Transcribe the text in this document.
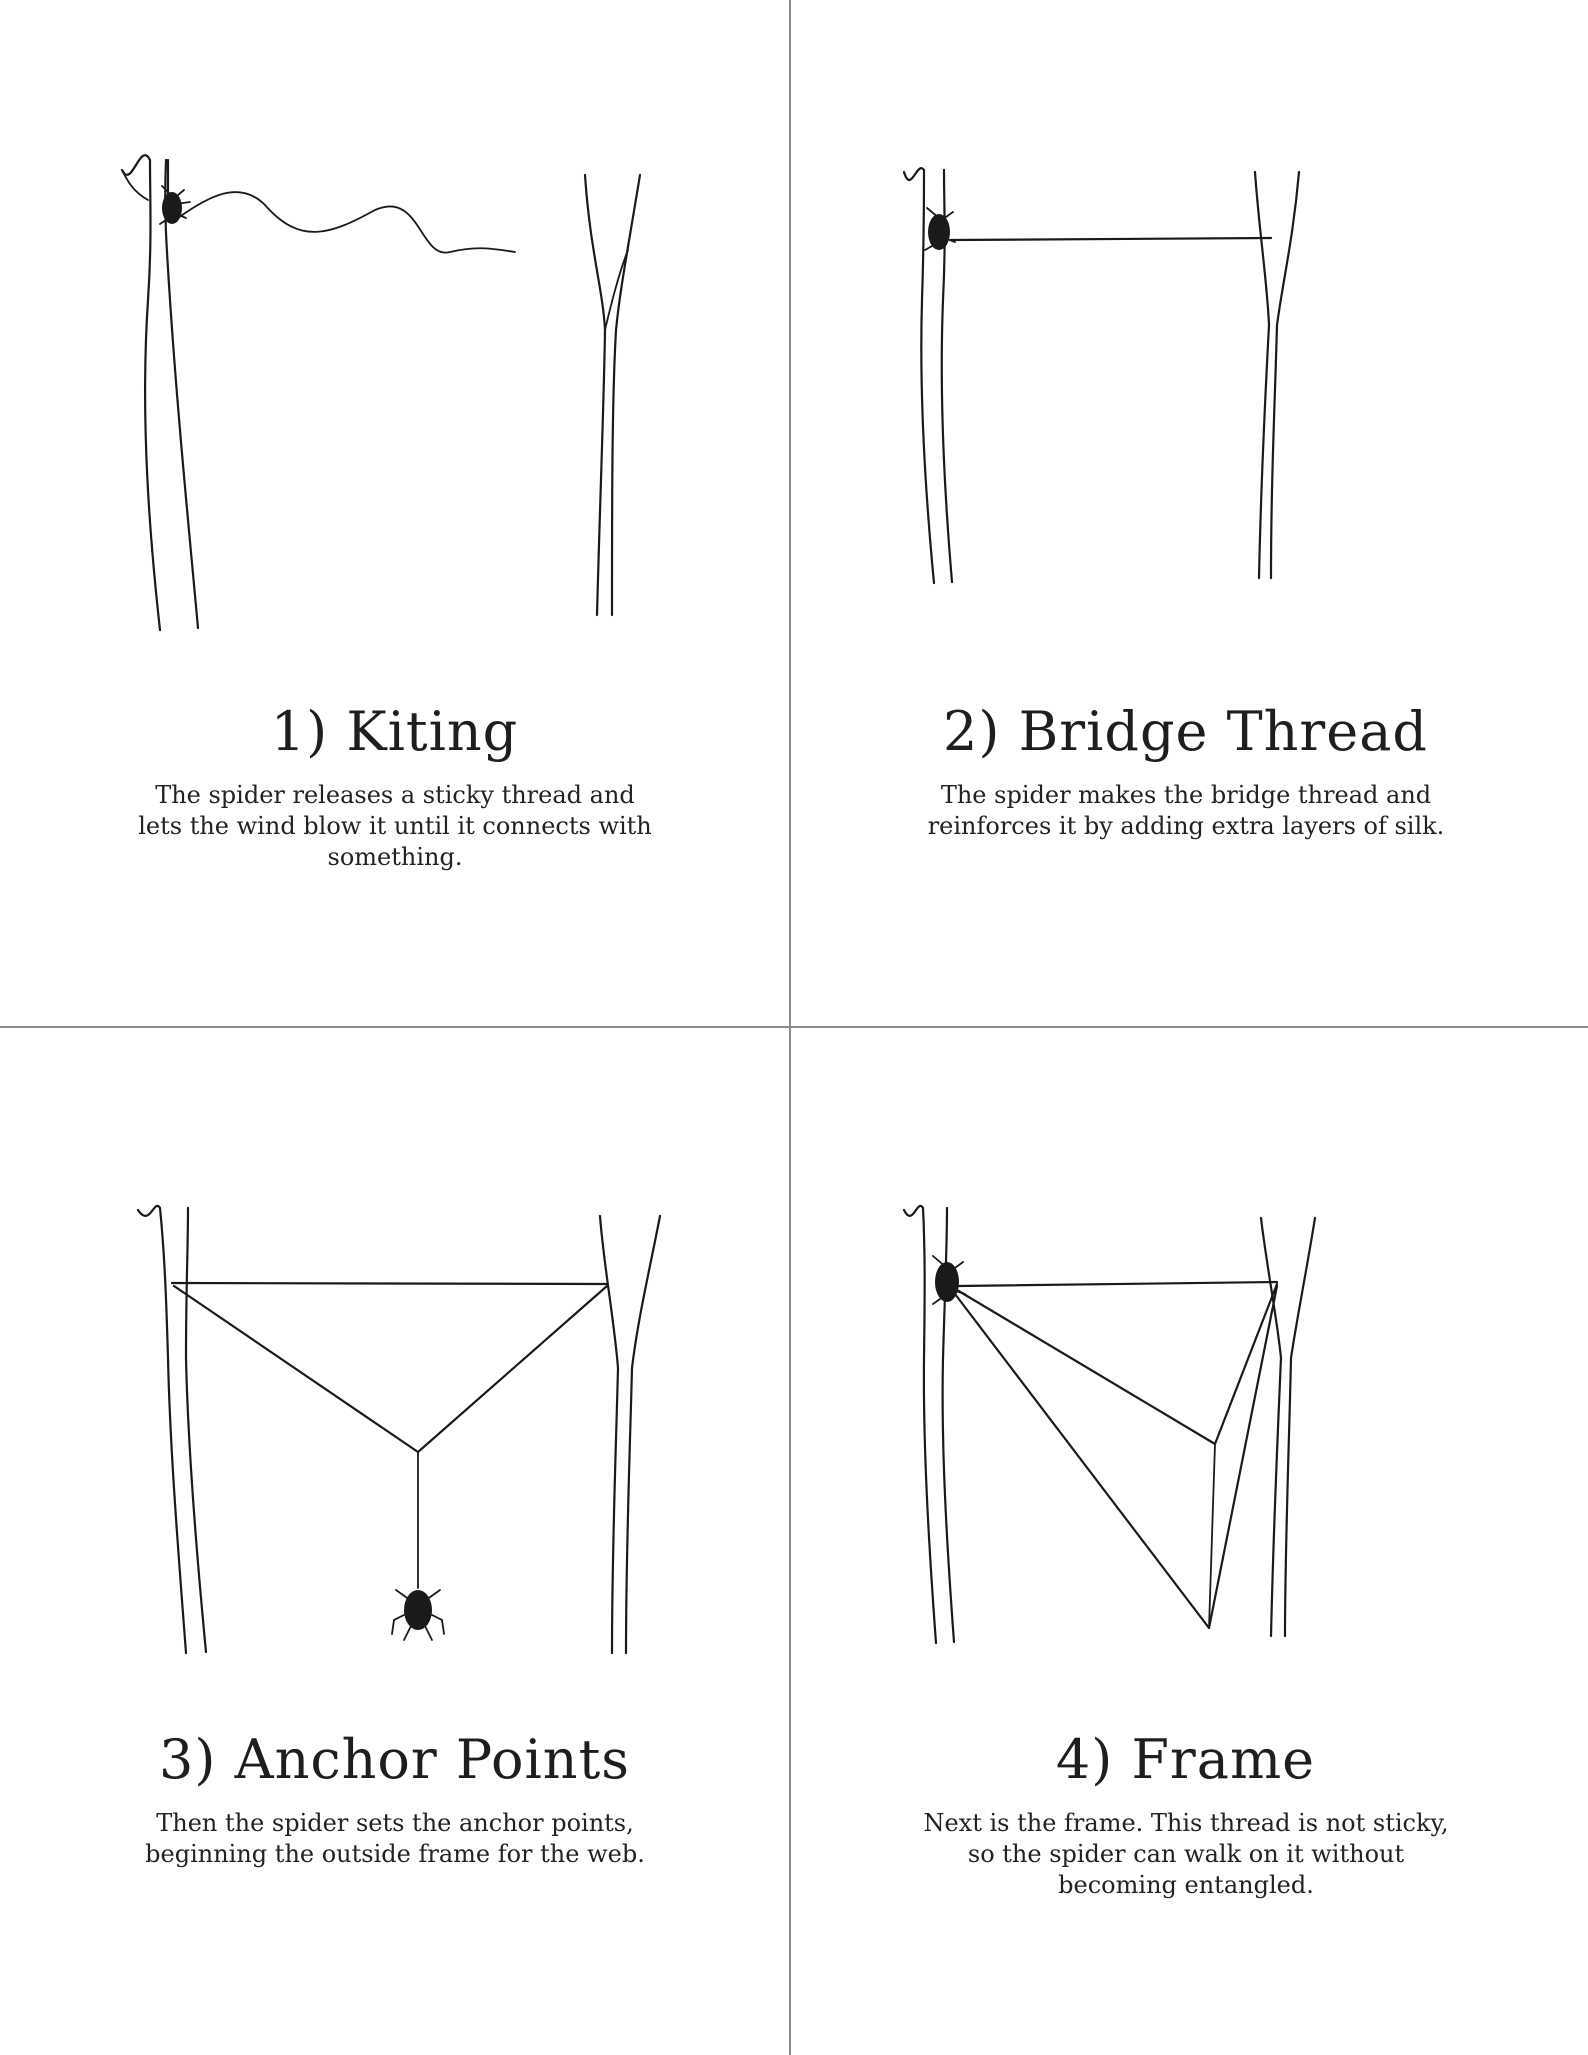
1) Kiting
The spider releases a sticky thread and lets the wind blow it until it connects with something.
2) Bridge Thread
The spider makes the bridge thread and reinforces it by adding extra layers of silk.
3) Anchor Points
Then the spider sets the anchor points, beginning the outside frame for the web.
4) Frame
Next is the frame. This thread is not sticky, so the spider can walk on it without becoming entangled.
